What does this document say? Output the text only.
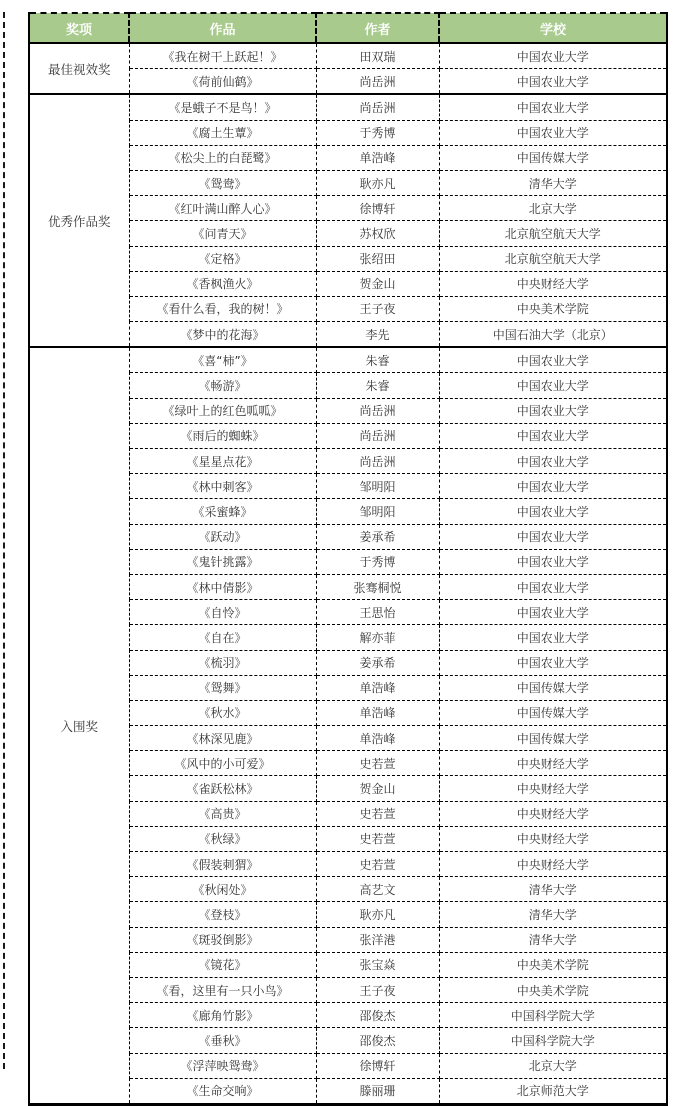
奖项	作品	作者	学校
最佳视效奖	《我在树干上跃起！》	田双瑞	中国农业大学
	《荷前仙鹤》	尚岳洲	中国农业大学
优秀作品奖	《是蛾子不是鸟！》	尚岳洲	中国农业大学
	《腐土生蕈》	于秀博	中国农业大学
	《松尖上的白琵鹭》	单浩峰	中国传媒大学
	《鸳鸯》	耿亦凡	清华大学
	《红叶满山醉人心》	徐博轩	北京大学
	《问青天》	苏权欣	北京航空航天大学
	《定格》	张绍田	北京航空航天大学
	《香枫渔火》	贺金山	中央财经大学
	《看什么看，我的树！》	王子夜	中央美术学院
	《梦中的花海》	李先	中国石油大学（北京）
入围奖	《喜“柿”》	朱睿	中国农业大学
	《畅游》	朱睿	中国农业大学
	《绿叶上的红色呱呱》	尚岳洲	中国农业大学
	《雨后的蜘蛛》	尚岳洲	中国农业大学
	《星星点花》	尚岳洲	中国农业大学
	《林中刺客》	邹明阳	中国农业大学
	《采蜜蜂》	邹明阳	中国农业大学
	《跃动》	姜承希	中国农业大学
	《鬼针挑露》	于秀博	中国农业大学
	《林中倩影》	张骞桐悦	中国农业大学
	《自怜》	王思怡	中国农业大学
	《自在》	解亦菲	中国农业大学
	《梳羽》	姜承希	中国农业大学
	《鸳舞》	单浩峰	中国传媒大学
	《秋水》	单浩峰	中国传媒大学
	《林深见鹿》	单浩峰	中国传媒大学
	《风中的小可爱》	史若萱	中央财经大学
	《雀跃松林》	贺金山	中央财经大学
	《高贵》	史若萱	中央财经大学
	《秋绿》	史若萱	中央财经大学
	《假装刺猬》	史若萱	中央财经大学
	《秋闲处》	高艺文	清华大学
	《登枝》	耿亦凡	清华大学
	《斑驳倒影》	张洋港	清华大学
	《镜花》	张宝焱	中央美术学院
	《看，这里有一只小鸟》	王子夜	中央美术学院
	《廊角竹影》	邵俊杰	中国科学院大学
	《垂秋》	邵俊杰	中国科学院大学
	《浮萍映鸳鸯》	徐博轩	北京大学
	《生命交响》	滕丽珊	北京师范大学
